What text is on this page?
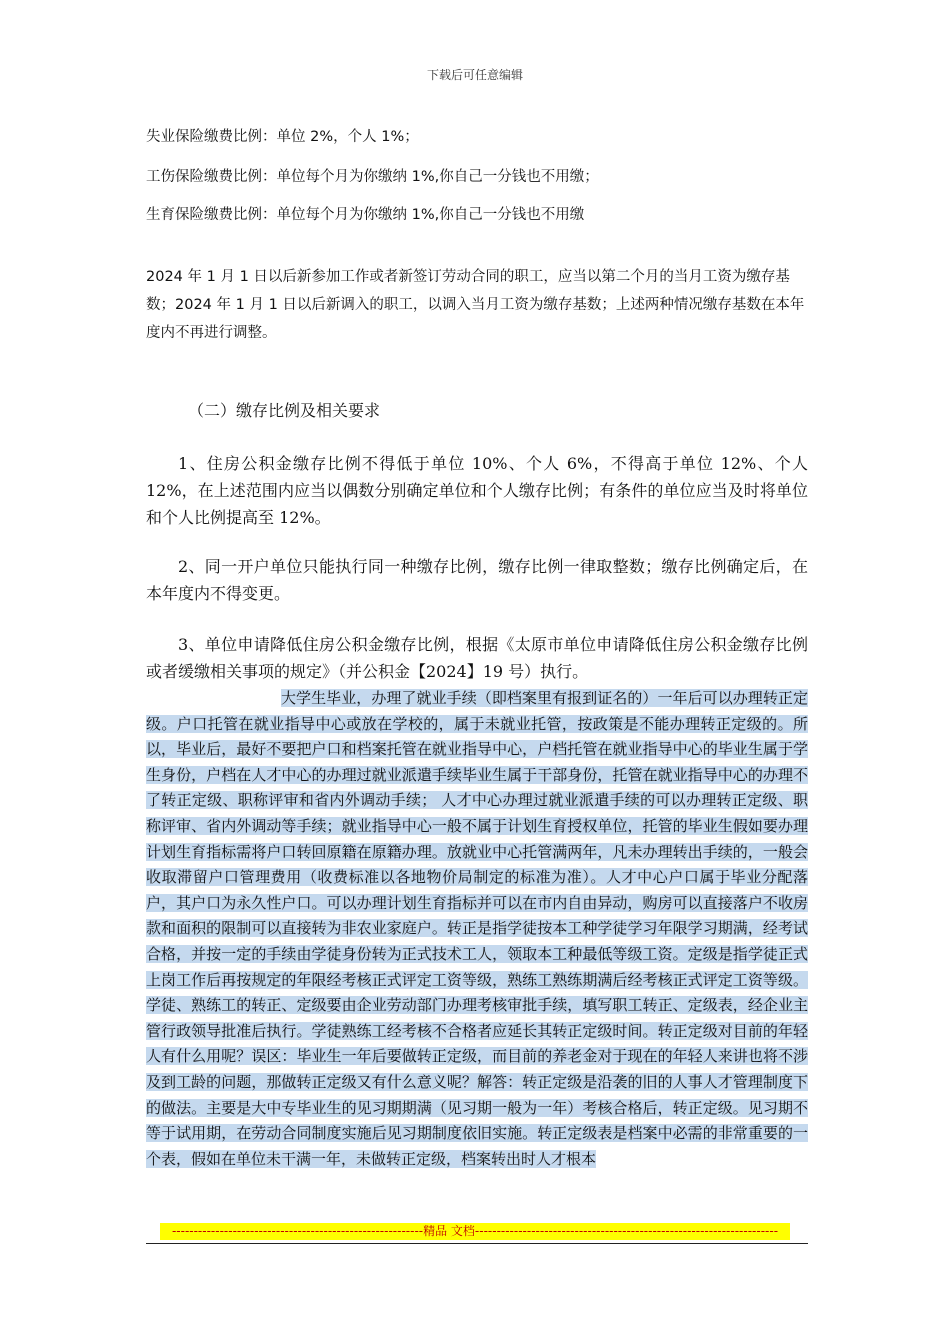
下载后可任意编辑
失业保险缴费比例：单位 2%，个人 1%；
工伤保险缴费比例：单位每个月为你缴纳 1%,你自己一分钱也不用缴；
生育保险缴费比例：单位每个月为你缴纳 1%,你自己一分钱也不用缴
2024 年 1 月 1 日以后新参加工作或者新签订劳动合同的职工，应当以第二个月的当月工资为缴存基数；2024 年 1 月 1 日以后新调入的职工，以调入当月工资为缴存基数；上述两种情况缴存基数在本年度内不再进行调整。
（二）缴存比例及相关要求
1、住房公积金缴存比例不得低于单位 10%、个人 6%，不得高于单位 12%、个人 12%，在上述范围内应当以偶数分别确定单位和个人缴存比例；有条件的单位应当及时将单位和个人比例提高至 12%。
2、同一开户单位只能执行同一种缴存比例，缴存比例一律取整数；缴存比例确定后，在本年度内不得变更。
3、单位申请降低住房公积金缴存比例，根据《太原市单位申请降低住房公积金缴存比例或者缓缴相关事项的规定》（并公积金【2024】19 号）执行。
大学生毕业，办理了就业手续（即档案里有报到证名的）一年后可以办理转正定级。户口托管在就业指导中心或放在学校的，属于未就业托管，按政策是不能办理转正定级的。所以，毕业后，最好不要把户口和档案托管在就业指导中心，户档托管在就业指导中心的毕业生属于学生身份，户档在人才中心的办理过就业派遣手续毕业生属于干部身份，托管在就业指导中心的办理不了转正定级、职称评审和省内外调动手续； 人才中心办理过就业派遣手续的可以办理转正定级、职称评审、省内外调动等手续；就业指导中心一般不属于计划生育授权单位，托管的毕业生假如要办理计划生育指标需将户口转回原籍在原籍办理。放就业中心托管满两年，凡未办理转出手续的，一般会收取滞留户口管理费用（收费标准以各地物价局制定的标准为准）。人才中心户口属于毕业分配落户，其户口为永久性户口。可以办理计划生育指标并可以在市内自由异动，购房可以直接落户不收房款和面积的限制可以直接转为非农业家庭户。转正是指学徒按本工种学徒学习年限学习期满，经考试合格，并按一定的手续由学徒身份转为正式技术工人，领取本工种最低等级工资。定级是指学徒正式上岗工作后再按规定的年限经考核正式评定工资等级，熟练工熟练期满后经考核正式评定工资等级。学徒、熟练工的转正、定级要由企业劳动部门办理考核审批手续，填写职工转正、定级表，经企业主管行政领导批准后执行。学徒熟练工经考核不合格者应延长其转正定级时间。转正定级对目前的年轻人有什么用呢？误区：毕业生一年后要做转正定级，而目前的养老金对于现在的年轻人来讲也将不涉及到工龄的问题，那做转正定级又有什么意义呢？解答：转正定级是沿袭的旧的人事人才管理制度下的做法。主要是大中专毕业生的见习期期满（见习期一般为一年）考核合格后，转正定级。见习期不等于试用期，在劳动合同制度实施后见习期制度依旧实施。转正定级表是档案中必需的非常重要的一个表，假如在单位未干满一年，未做转正定级，档案转出时人才根本
----------------------------------------------------------精品 文档----------------------------------------------------------------------
